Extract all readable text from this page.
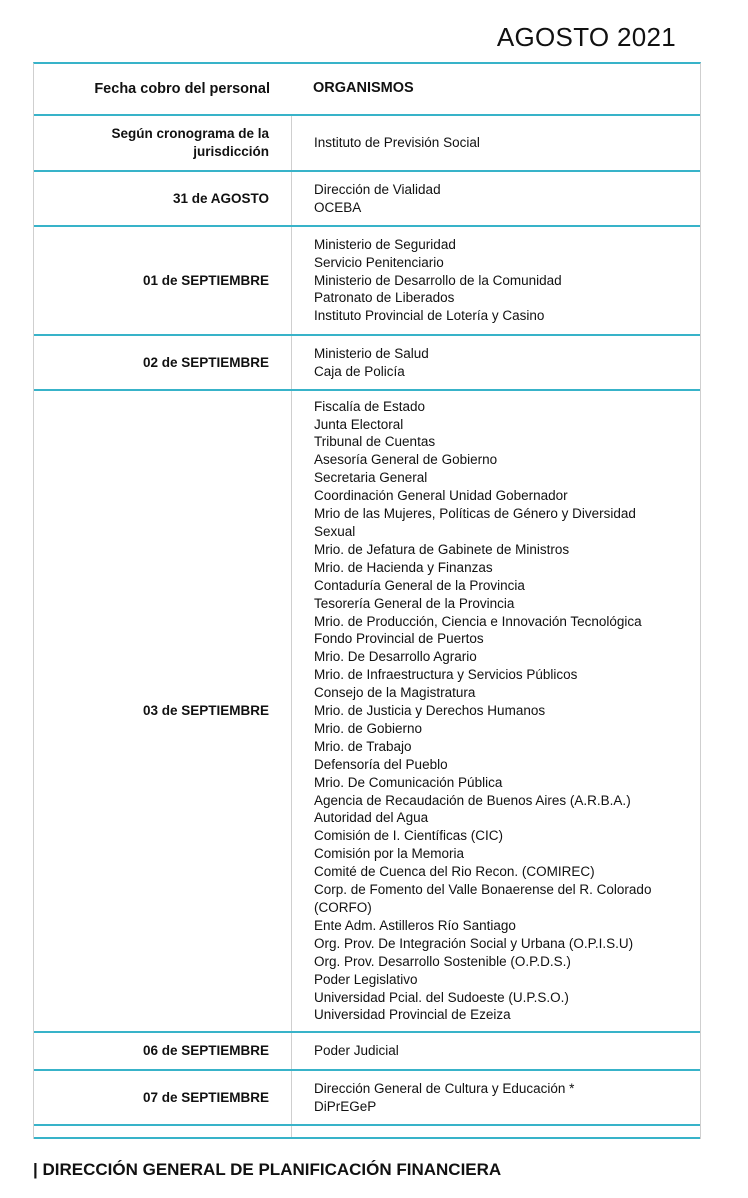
AGOSTO 2021
Fecha cobro del personal	ORGANISMOS
Según cronograma de la jurisdicción
Instituto de Previsión Social
31 de AGOSTO
Dirección de Vialidad
OCEBA
01 de SEPTIEMBRE
Ministerio de Seguridad
Servicio Penitenciario
Ministerio de Desarrollo de la Comunidad
Patronato de Liberados
Instituto Provincial de Lotería y Casino
02 de SEPTIEMBRE
Ministerio de Salud
Caja de Policía
03 de SEPTIEMBRE
Fiscalía de Estado
Junta Electoral
Tribunal de Cuentas
Asesoría General de Gobierno
Secretaria General
Coordinación General Unidad Gobernador
Mrio de las Mujeres, Políticas de Género y Diversidad Sexual
Mrio. de Jefatura de Gabinete de Ministros
Mrio. de Hacienda y Finanzas
Contaduría General de la Provincia
Tesorería General de la Provincia
Mrio. de Producción, Ciencia e Innovación Tecnológica
Fondo Provincial de Puertos
Mrio. De Desarrollo Agrario
Mrio. de Infraestructura y Servicios Públicos
Consejo de la Magistratura
Mrio. de Justicia y Derechos Humanos
Mrio. de Gobierno
Mrio. de Trabajo
Defensoría del Pueblo
Mrio. De Comunicación Pública
Agencia de Recaudación de Buenos Aires (A.R.B.A.)
Autoridad del Agua
Comisión de I. Científicas (CIC)
Comisión por la Memoria
Comité de Cuenca del Rio Recon. (COMIREC)
Corp. de Fomento del Valle Bonaerense del R. Colorado (CORFO)
Ente Adm. Astilleros Río Santiago
Org. Prov. De Integración Social y Urbana (O.P.I.S.U)
Org. Prov. Desarrollo Sostenible (O.P.D.S.)
Poder Legislativo
Universidad Pcial. del Sudoeste (U.P.S.O.)
Universidad Provincial de Ezeiza
06 de SEPTIEMBRE	Poder Judicial
07 de SEPTIEMBRE
Dirección General de Cultura y Educación *
DiPrEGeP

| DIRECCIÓN GENERAL DE PLANIFICACIÓN FINANCIERA
